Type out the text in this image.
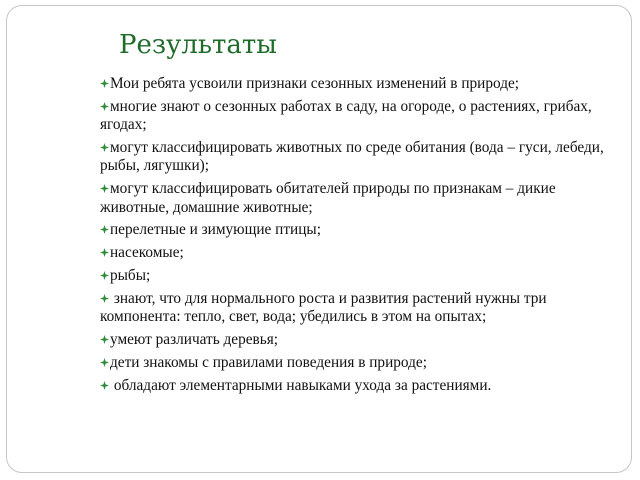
Результаты
Мои ребята усвоили признаки сезонных изменений в природе;
многие знают о сезонных работах в саду, на огороде, о растениях, грибах, ягодах;
могут классифицировать животных по среде обитания (вода – гуси, лебеди, рыбы, лягушки);
могут классифицировать обитателей природы по признакам – дикие животные, домашние животные;
перелетные и зимующие птицы;
насекомые;
рыбы;
знают, что для нормального роста и развития растений нужны три компонента: тепло, свет, вода; убедились в этом на опытах;
умеют различать деревья;
дети знакомы с правилами поведения в природе;
обладают элементарными навыками ухода за растениями.
